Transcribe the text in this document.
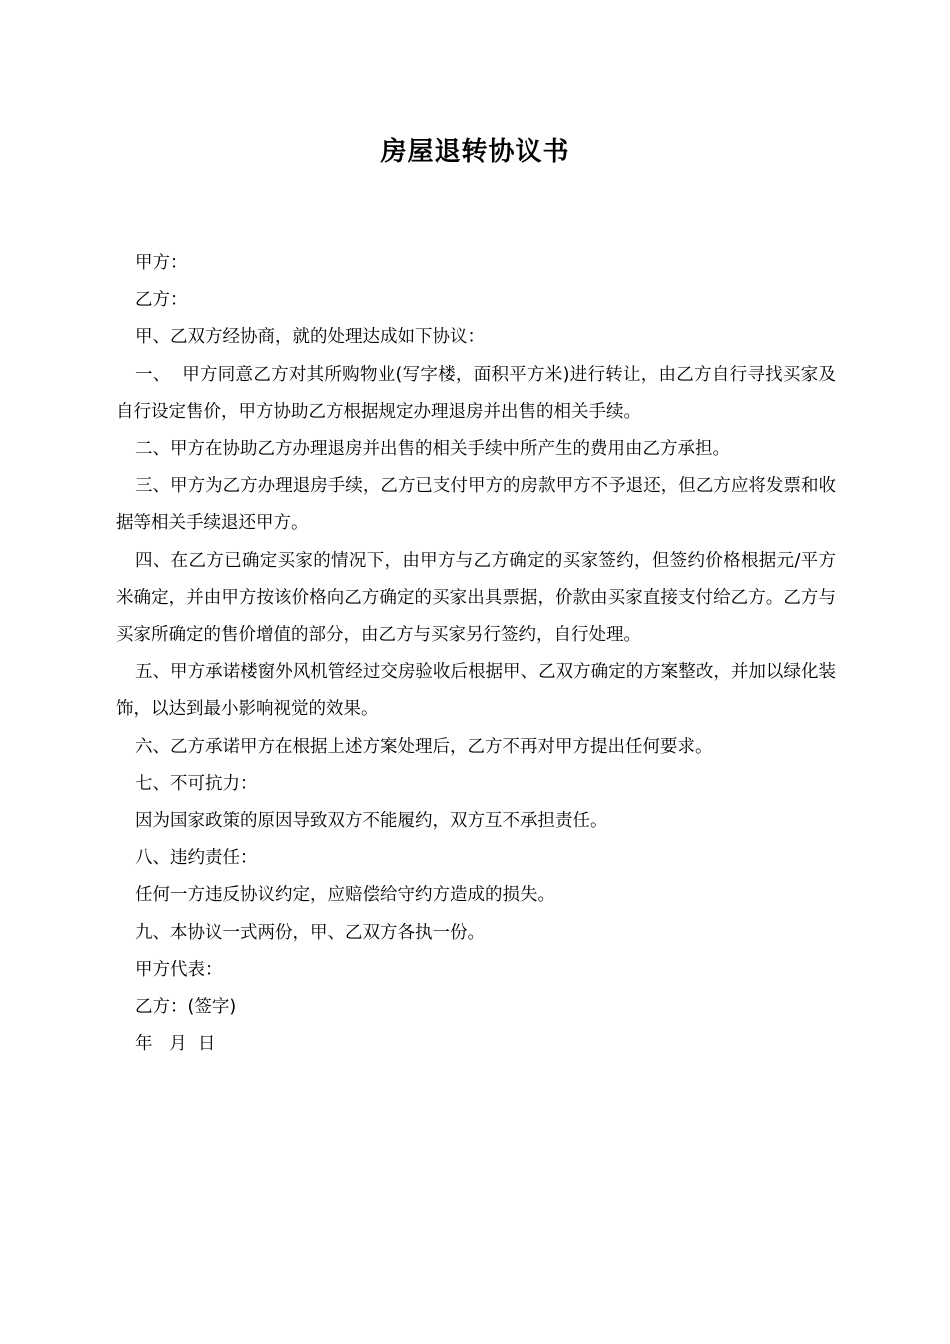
房屋退转协议书

甲方：

乙方：

甲、乙双方经协商，就的处理达成如下协议：

一、  甲方同意乙方对其所购物业(写字楼，面积平方米)进行转让，由乙方自行寻找买家及自行设定售价，甲方协助乙方根据规定办理退房并出售的相关手续。

二、甲方在协助乙方办理退房并出售的相关手续中所产生的费用由乙方承担。

三、甲方为乙方办理退房手续，乙方已支付甲方的房款甲方不予退还，但乙方应将发票和收据等相关手续退还甲方。

四、在乙方已确定买家的情况下，由甲方与乙方确定的买家签约，但签约价格根据元/平方米确定，并由甲方按该价格向乙方确定的买家出具票据，价款由买家直接支付给乙方。乙方与买家所确定的售价增值的部分，由乙方与买家另行签约，自行处理。

五、甲方承诺楼窗外风机管经过交房验收后根据甲、乙双方确定的方案整改，并加以绿化装饰，以达到最小影响视觉的效果。

六、乙方承诺甲方在根据上述方案处理后，乙方不再对甲方提出任何要求。

七、不可抗力：

因为国家政策的原因导致双方不能履约，双方互不承担责任。

八、违约责任：

任何一方违反协议约定，应赔偿给守约方造成的损失。

九、本协议一式两份，甲、乙双方各执一份。

甲方代表：

乙方：(签字)

年   月  日
